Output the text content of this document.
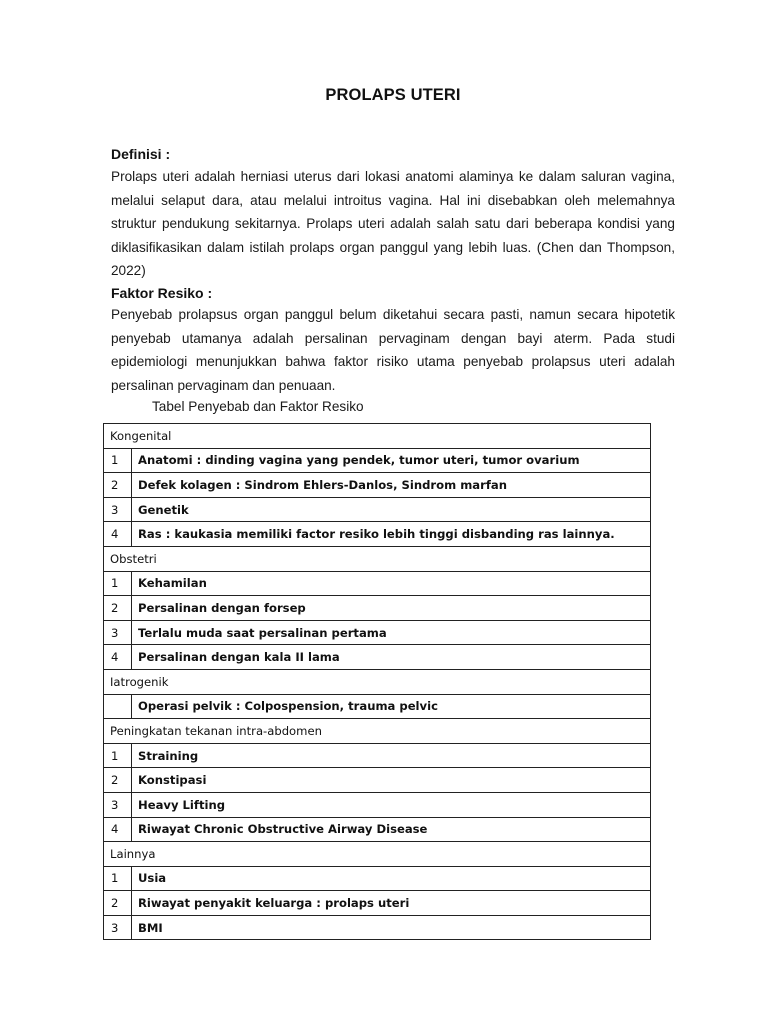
PROLAPS UTERI
Definisi :
Prolaps uteri adalah herniasi uterus dari lokasi anatomi alaminya ke dalam saluran vagina, melalui selaput dara, atau melalui introitus vagina. Hal ini disebabkan oleh melemahnya struktur pendukung sekitarnya. Prolaps uteri adalah salah satu dari beberapa kondisi yang diklasifikasikan dalam istilah prolaps organ panggul yang lebih luas. (Chen dan Thompson, 2022)
Faktor Resiko :
Penyebab prolapsus organ panggul belum diketahui secara pasti, namun secara hipotetik penyebab utamanya adalah persalinan pervaginam dengan bayi aterm. Pada studi epidemiologi menunjukkan bahwa faktor risiko utama penyebab prolapsus uteri adalah persalinan pervaginam dan penuaan.
Tabel Penyebab dan Faktor Resiko
Kongenital	
1	Anatomi : dinding vagina yang pendek, tumor uteri, tumor ovarium
2	Defek kolagen : Sindrom Ehlers-Danlos, Sindrom marfan
3	Genetik
4	Ras : kaukasia memiliki factor resiko lebih tinggi disbanding ras lainnya.
Obstetri	
1	Kehamilan
2	Persalinan dengan forsep
3	Terlalu muda saat persalinan pertama
4	Persalinan dengan kala II lama
Iatrogenik	
	Operasi pelvik : Colpospension, trauma pelvic
Peningkatan tekanan intra-abdomen	
1	Straining
2	Konstipasi
3	Heavy Lifting
4	Riwayat Chronic Obstructive Airway Disease
Lainnya	
1	Usia
2	Riwayat penyakit keluarga : prolaps uteri
3	BMI
